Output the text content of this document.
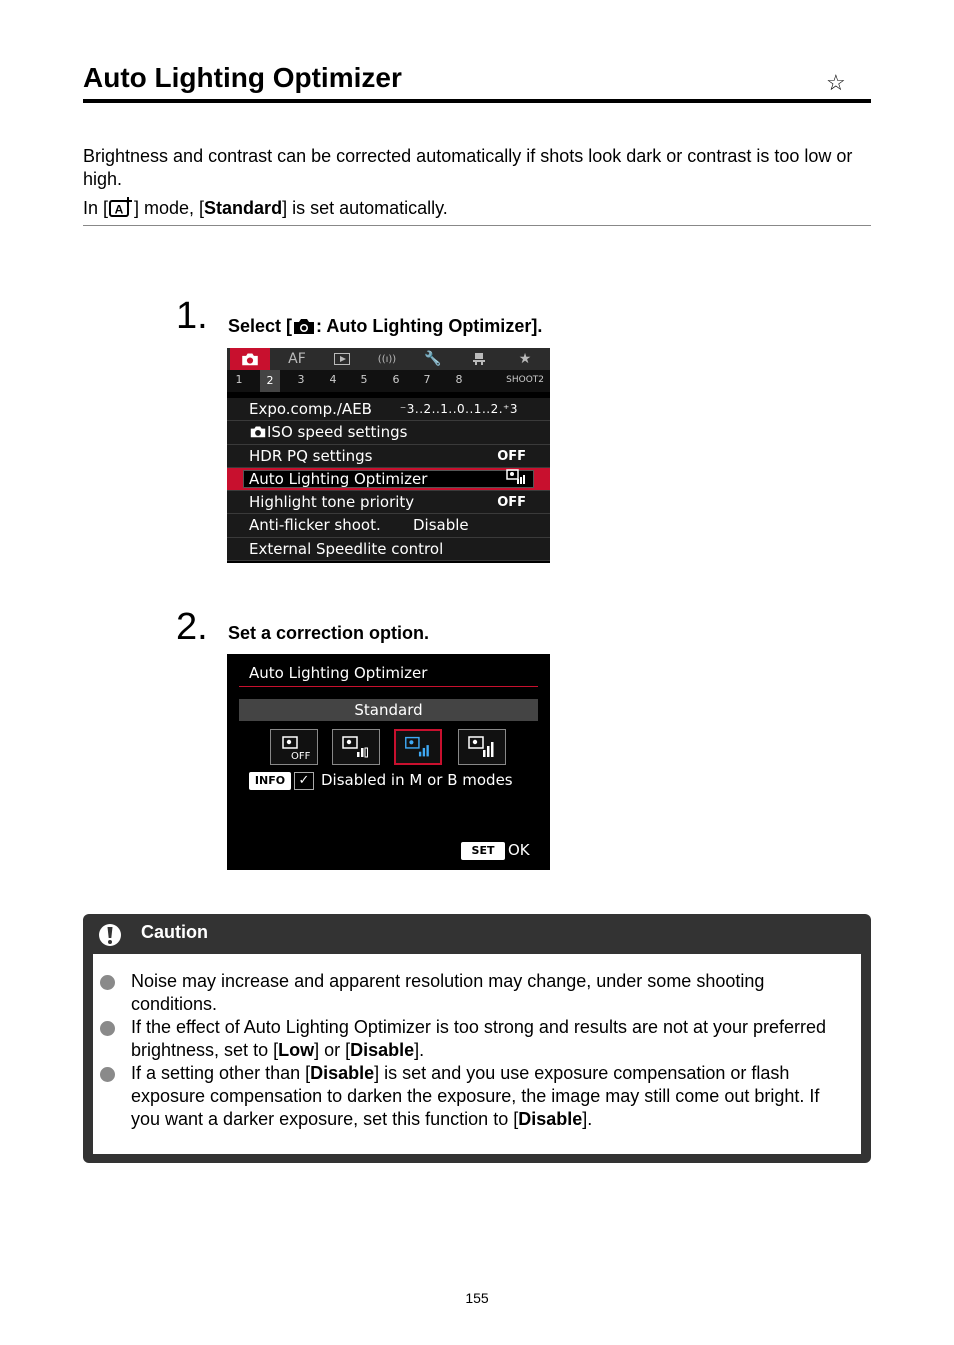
Auto Lighting Optimizer	☆

Brightness and contrast can be corrected automatically if shots look dark or contrast is too low or high.

In [ A ] mode, [Standard] is set automatically.
1. Select [ : Auto Lighting Optimizer].
AF	((ı)) 🔧	★
1	2	3	4	5	6	7	8	SHOOT2
Expo.comp./AEB ⁻3..2..1..0..1..2.⁺3
ISO speed settings
HDR PQ settings	OFF
Auto Lighting Optimizer
Highlight tone priority	OFF
Anti-flicker shoot. Disable
External Speedlite control
2. Set a correction option.
Auto Lighting Optimizer
Standard
OFF
INFO	✓ Disabled in M or B modes
SET OK
Caution
Noise may increase and apparent resolution may change, under some shooting conditions.
If the effect of Auto Lighting Optimizer is too strong and results are not at your preferred brightness, set to [Low] or [Disable].
If a setting other than [Disable] is set and you use exposure compensation or flash exposure compensation to darken the exposure, the image may still come out bright. If you want a darker exposure, set this function to [Disable].
155
